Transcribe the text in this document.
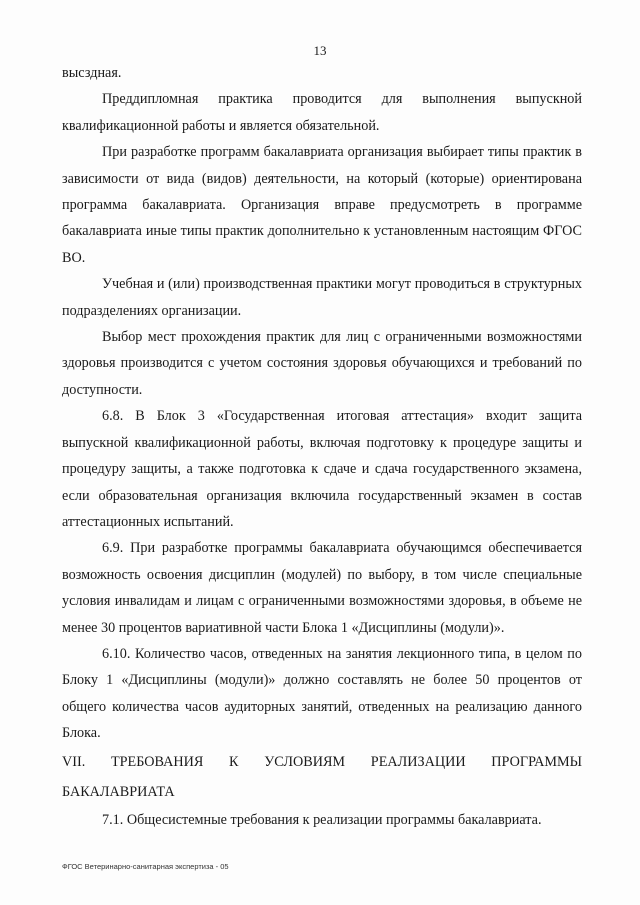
13

высздная.

Преддипломная практика проводится для выполнения выпускной квалификационной работы и является обязательной.

При разработке программ бакалавриата организация выбирает типы практик в зависимости от вида (видов) деятельности, на который (которые) ориентирована программа бакалавриата. Организация вправе предусмотреть в программе бакалавриата иные типы практик дополнительно к установленным настоящим ФГОС ВО.

Учебная и (или) производственная практики могут проводиться в структурных подразделениях организации.

Выбор мест прохождения практик для лиц с ограниченными возможностями здоровья производится с учетом состояния здоровья обучающихся и требований по доступности.

6.8. В Блок 3 «Государственная итоговая аттестация» входит защита выпускной квалификационной работы, включая подготовку к процедуре защиты и процедуру защиты, а также подготовка к сдаче и сдача государственного экзамена, если образовательная организация включила государственный экзамен в состав аттестационных испытаний.

6.9. При разработке программы бакалавриата обучающимся обеспечивается возможность освоения дисциплин (модулей) по выбору, в том числе специальные условия инвалидам и лицам с ограниченными возможностями здоровья, в объеме не менее 30 процентов вариативной части Блока 1 «Дисциплины (модули)».

6.10. Количество часов, отведенных на занятия лекционного типа, в целом по Блоку 1 «Дисциплины (модули)» должно составлять не более 50 процентов от общего количества часов аудиторных занятий, отведенных на реализацию данного Блока.

VII. ТРЕБОВАНИЯ К УСЛОВИЯМ РЕАЛИЗАЦИИ ПРОГРАММЫ БАКАЛАВРИАТА

7.1. Общесистемные требования к реализации программы бакалавриата.

ФГОС Ветеринарно-санитарная экспертиза - 05
